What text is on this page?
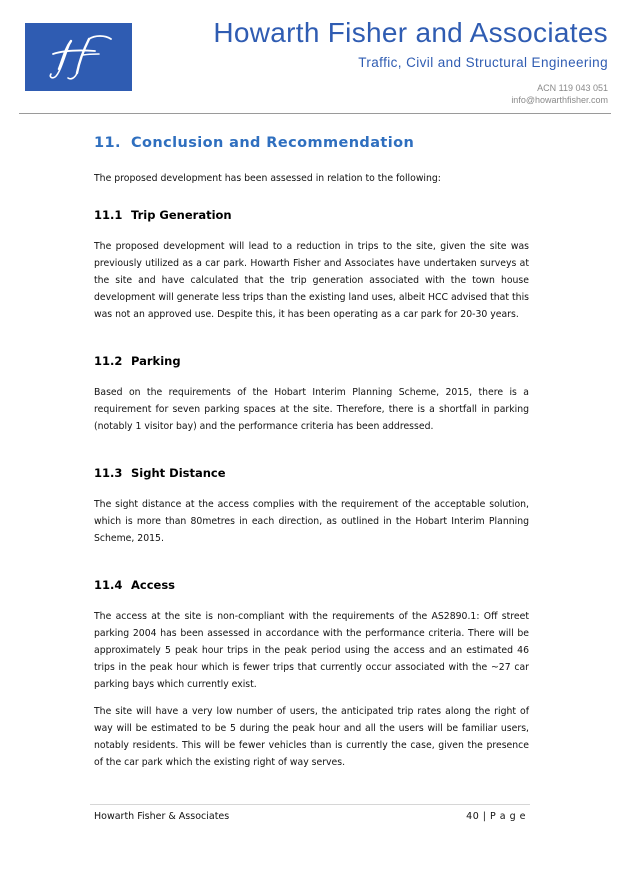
Howarth Fisher and Associates
Traffic, Civil and Structural Engineering
ACN 119 043 051
info@howarthfisher.com
11. Conclusion and Recommendation

The proposed development has been assessed in relation to the following:

11.1 Trip Generation

The proposed development will lead to a reduction in trips to the site, given the site was previously utilized as a car park. Howarth Fisher and Associates have undertaken surveys at the site and have calculated that the trip generation associated with the town house development will generate less trips than the existing land uses, albeit HCC advised that this was not an approved use. Despite this, it has been operating as a car park for 20-30 years.

11.2 Parking

Based on the requirements of the Hobart Interim Planning Scheme, 2015, there is a requirement for seven parking spaces at the site. Therefore, there is a shortfall in parking (notably 1 visitor bay) and the performance criteria has been addressed.

11.3 Sight Distance

The sight distance at the access complies with the requirement of the acceptable solution, which is more than 80metres in each direction, as outlined in the Hobart Interim Planning Scheme, 2015.

11.4 Access

The access at the site is non-compliant with the requirements of the AS2890.1: Off street parking 2004 has been assessed in accordance with the performance criteria. There will be approximately 5 peak hour trips in the peak period using the access and an estimated 46 trips in the peak hour which is fewer trips that currently occur associated with the ~27 car parking bays which currently exist.

The site will have a very low number of users, the anticipated trip rates along the right of way will be estimated to be 5 during the peak hour and all the users will be familiar users, notably residents. This will be fewer vehicles than is currently the case, given the presence of the car park which the existing right of way serves.

Howarth Fisher & Associates	40 | P a g e
